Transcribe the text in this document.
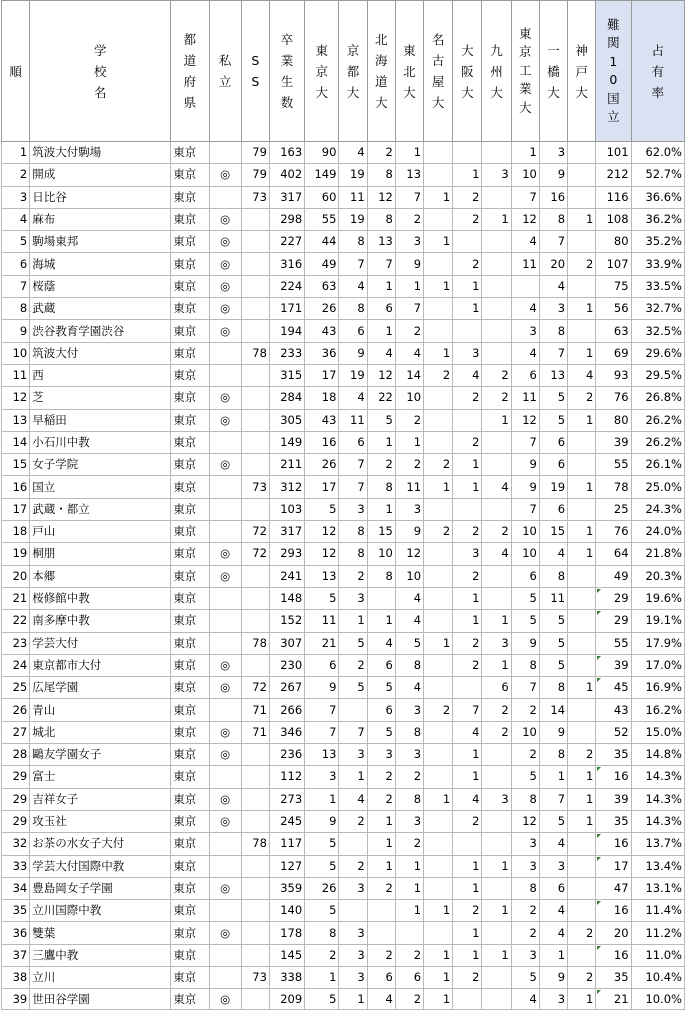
順	学校名	都道府県	私立	SS	卒業生数	東京大	京都大	北海道大	東北大	名古屋大	大阪大	九州大	東京工業大	一橋大	神戸大	難関10国立	占有率
1	筑波大付駒場	東京		79	163	90	4	2	1				1	3		101	62.0%
2	開成	東京	◎	79	402	149	19	8	13		1	3	10	9		212	52.7%
3	日比谷	東京		73	317	60	11	12	7	1	2		7	16		116	36.6%
4	麻布	東京	◎		298	55	19	8	2		2	1	12	8	1	108	36.2%
5	駒場東邦	東京	◎		227	44	8	13	3	1			4	7		80	35.2%
6	海城	東京	◎		316	49	7	7	9		2		11	20	2	107	33.9%
7	桜蔭	東京	◎		224	63	4	1	1	1	1			4		75	33.5%
8	武蔵	東京	◎		171	26	8	6	7		1		4	3	1	56	32.7%
9	渋谷教育学園渋谷	東京	◎		194	43	6	1	2				3	8		63	32.5%
10	筑波大付	東京		78	233	36	9	4	4	1	3		4	7	1	69	29.6%
11	西	東京			315	17	19	12	14	2	4	2	6	13	4	93	29.5%
12	芝	東京	◎		284	18	4	22	10		2	2	11	5	2	76	26.8%
13	早稲田	東京	◎		305	43	11	5	2			1	12	5	1	80	26.2%
14	小石川中教	東京			149	16	6	1	1		2		7	6		39	26.2%
15	女子学院	東京	◎		211	26	7	2	2	2	1		9	6		55	26.1%
16	国立	東京		73	312	17	7	8	11	1	1	4	9	19	1	78	25.0%
17	武蔵・都立	東京			103	5	3	1	3				7	6		25	24.3%
18	戸山	東京		72	317	12	8	15	9	2	2	2	10	15	1	76	24.0%
19	桐朋	東京	◎	72	293	12	8	10	12		3	4	10	4	1	64	21.8%
20	本郷	東京	◎		241	13	2	8	10		2		6	8		49	20.3%
21	桜修館中教	東京			148	5	3		4		1		5	11		29	19.6%
22	南多摩中教	東京			152	11	1	1	4		1	1	5	5		29	19.1%
23	学芸大付	東京		78	307	21	5	4	5	1	2	3	9	5		55	17.9%
24	東京都市大付	東京	◎		230	6	2	6	8		2	1	8	5		39	17.0%
25	広尾学園	東京	◎	72	267	9	5	5	4			6	7	8	1	45	16.9%
26	青山	東京		71	266	7		6	3	2	7	2	2	14		43	16.2%
27	城北	東京	◎	71	346	7	7	5	8		4	2	10	9		52	15.0%
28	鷗友学園女子	東京	◎		236	13	3	3	3		1		2	8	2	35	14.8%
29	富士	東京			112	3	1	2	2		1		5	1	1	16	14.3%
29	吉祥女子	東京	◎		273	1	4	2	8	1	4	3	8	7	1	39	14.3%
29	攻玉社	東京	◎		245	9	2	1	3		2		12	5	1	35	14.3%
32	お茶の水女子大付	東京		78	117	5		1	2				3	4		16	13.7%
33	学芸大付国際中教	東京			127	5	2	1	1		1	1	3	3		17	13.4%
34	豊島岡女子学園	東京	◎		359	26	3	2	1		1		8	6		47	13.1%
35	立川国際中教	東京			140	5			1	1	2	1	2	4		16	11.4%
36	雙葉	東京	◎		178	8	3				1		2	4	2	20	11.2%
37	三鷹中教	東京			145	2	3	2	2	1	1	1	3	1		16	11.0%
38	立川	東京		73	338	1	3	6	6	1	2		5	9	2	35	10.4%
39	世田谷学園	東京	◎		209	5	1	4	2	1			4	3	1	21	10.0%
